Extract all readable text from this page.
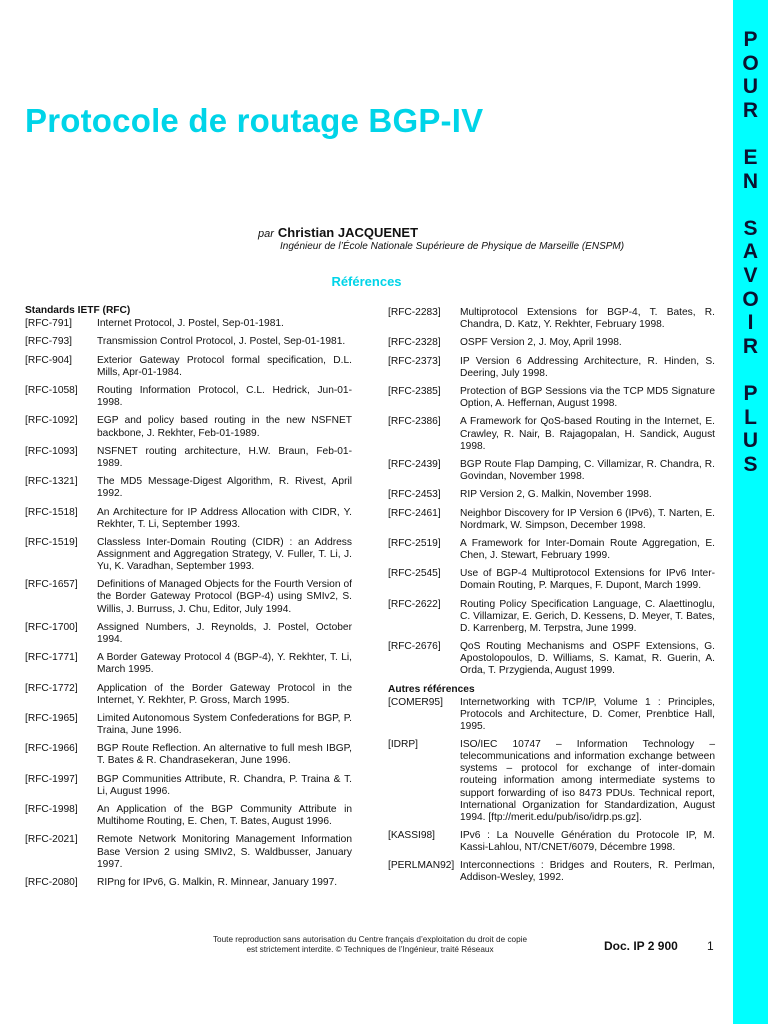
P
O
U
R
E
N
S
A
V
O
I
R
P
L
U
S
Protocole de routage BGP-IV
par Christian JACQUENET
Ingénieur de l’École Nationale Supérieure de Physique de Marseille (ENSPM)
Références
Standards IETF (RFC)
[RFC-791]	Internet Protocol, J. Postel, Sep-01-1981.
[RFC-793]	Transmission Control Protocol, J. Postel, Sep-01-1981.
[RFC-904]	Exterior Gateway Protocol formal specification, D.L. Mills, Apr-01-1984.
[RFC-1058]	Routing Information Protocol, C.L. Hedrick, Jun-01-1998.
[RFC-1092]	EGP and policy based routing in the new NSFNET backbone, J. Rekhter, Feb-01-1989.
[RFC-1093]	NSFNET routing architecture, H.W. Braun, Feb-01-1989.
[RFC-1321]	The MD5 Message-Digest Algorithm, R. Rivest, April 1992.
[RFC-1518]	An Architecture for IP Address Allocation with CIDR, Y. Rekhter, T. Li, September 1993.
[RFC-1519]	Classless Inter-Domain Routing (CIDR) : an Address Assignment and Aggregation Strategy, V. Fuller, T. Li, J. Yu, K. Varadhan, September 1993.
[RFC-1657]	Definitions of Managed Objects for the Fourth Version of the Border Gateway Protocol (BGP-4) using SMIv2, S. Willis, J. Burruss, J. Chu, Editor, July 1994.
[RFC-1700]	Assigned Numbers, J. Reynolds, J. Postel, October 1994.
[RFC-1771]	A Border Gateway Protocol 4 (BGP-4), Y. Rekhter, T. Li, March 1995.
[RFC-1772]	Application of the Border Gateway Protocol in the Internet, Y. Rekhter, P. Gross, March 1995.
[RFC-1965]	Limited Autonomous System Confederations for BGP, P. Traina, June 1996.
[RFC-1966]	BGP Route Reflection. An alternative to full mesh IBGP, T. Bates & R. Chandrasekeran, June 1996.
[RFC-1997]	BGP Communities Attribute, R. Chandra, P. Traina & T. Li, August 1996.
[RFC-1998]	An Application of the BGP Community Attribute in Multihome Routing, E. Chen, T. Bates, August 1996.
[RFC-2021]	Remote Network Monitoring Management Information Base Version 2 using SMIv2, S. Waldbusser, January 1997.
[RFC-2080]	RIPng for IPv6, G. Malkin, R. Minnear, January 1997.
[RFC-2283]	Multiprotocol Extensions for BGP-4, T. Bates, R. Chandra, D. Katz, Y. Rekhter, February 1998.
[RFC-2328]	OSPF Version 2, J. Moy, April 1998.
[RFC-2373]	IP Version 6 Addressing Architecture, R. Hinden, S. Deering, July 1998.
[RFC-2385]	Protection of BGP Sessions via the TCP MD5 Signature Option, A. Heffernan, August 1998.
[RFC-2386]	A Framework for QoS-based Routing in the Internet, E. Crawley, R. Nair, B. Rajagopalan, H. Sandick, August 1998.
[RFC-2439]	BGP Route Flap Damping, C. Villamizar, R. Chandra, R. Govindan, November 1998.
[RFC-2453]	RIP Version 2, G. Malkin, November 1998.
[RFC-2461]	Neighbor Discovery for IP Version 6 (IPv6), T. Narten, E. Nordmark, W. Simpson, December 1998.
[RFC-2519]	A Framework for Inter-Domain Route Aggregation, E. Chen, J. Stewart, February 1999.
[RFC-2545]	Use of BGP-4 Multiprotocol Extensions for IPv6 Inter-Domain Routing, P. Marques, F. Dupont, March 1999.
[RFC-2622]	Routing Policy Specification Language, C. Alaettinoglu, C. Villamizar, E. Gerich, D. Kessens, D. Meyer, T. Bates, D. Karrenberg, M. Terpstra, June 1999.
[RFC-2676]	QoS Routing Mechanisms and OSPF Extensions, G. Apostolopoulos, D. Williams, S. Kamat, R. Guerin, A. Orda, T. Przygienda, August 1999.
Autres références
[COMER95]	Internetworking with TCP/IP, Volume 1 : Principles, Protocols and Architecture, D. Comer, Prenbtice Hall, 1995.
[IDRP]	ISO/IEC 10747 – Information Technology – telecommunications and information exchange between systems – protocol for exchange of inter-domain routeing information among intermediate systems to support forwarding of iso 8473 PDUs. Technical report, International Organization for Standardization, August 1994. [ftp://merit.edu/pub/iso/idrp.ps.gz].
[KASSI98]	IPv6 : La Nouvelle Génération du Protocole IP, M. Kassi-Lahlou, NT/CNET/6079, Décembre 1998.
[PERLMAN92] Interconnections : Bridges and Routers, R. Perlman, Addison-Wesley, 1992.
Toute reproduction sans autorisation du Centre français d’exploitation du droit de copie
est strictement interdite. © Techniques de l’Ingénieur, traité Réseaux	Doc. IP 2 900 1
